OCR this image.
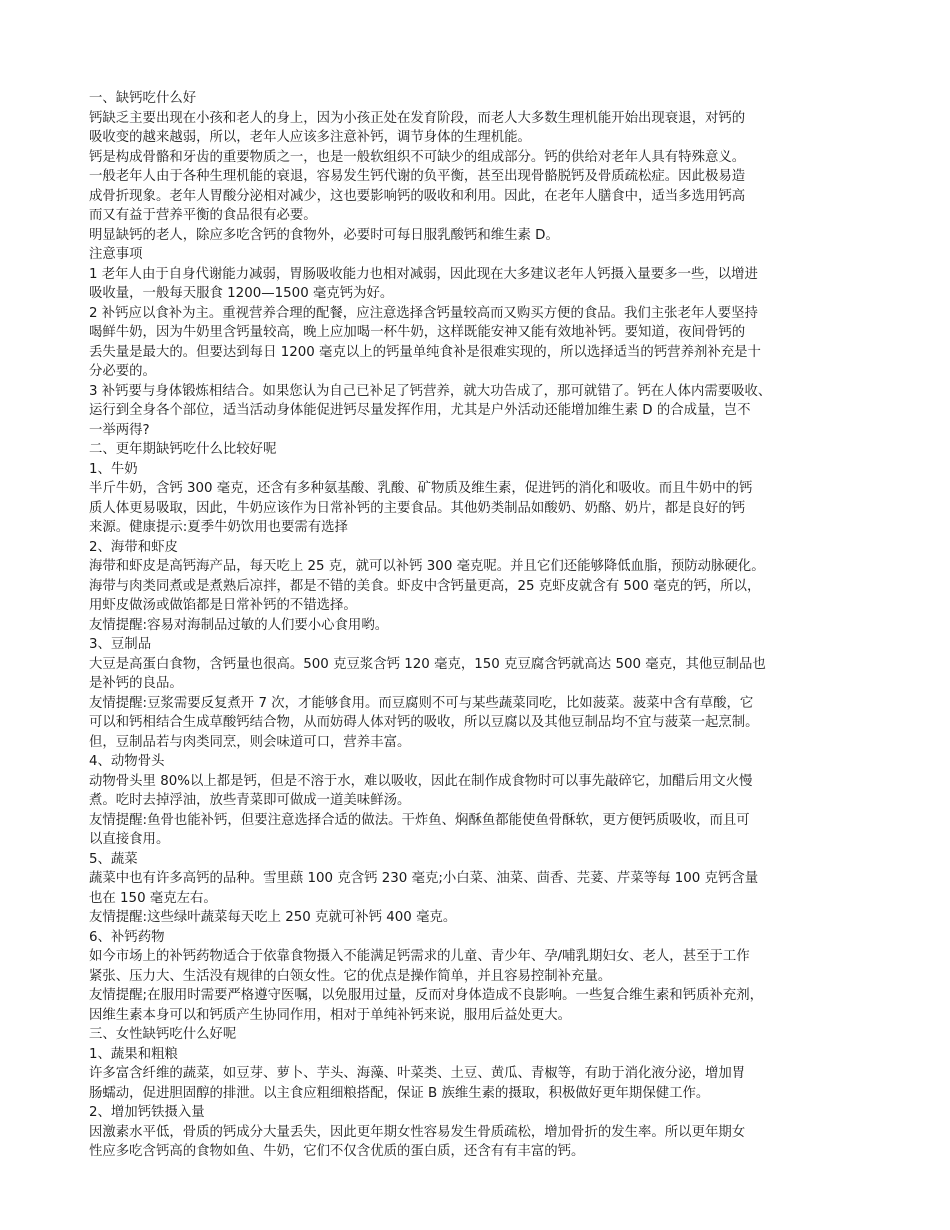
一、缺钙吃什么好
钙缺乏主要出现在小孩和老人的身上，因为小孩正处在发育阶段，而老人大多数生理机能开始出现衰退，对钙的
吸收变的越来越弱，所以，老年人应该多注意补钙，调节身体的生理机能。
钙是构成骨骼和牙齿的重要物质之一，也是一般软组织不可缺少的组成部分。钙的供给对老年人具有特殊意义。
一般老年人由于各种生理机能的衰退，容易发生钙代谢的负平衡，甚至出现骨骼脱钙及骨质疏松症。因此极易造
成骨折现象。老年人胃酸分泌相对减少，这也要影响钙的吸收和利用。因此，在老年人膳食中，适当多选用钙高
而又有益于营养平衡的食品很有必要。
明显缺钙的老人，除应多吃含钙的食物外，必要时可每日服乳酸钙和维生素 D。
注意事项
1 老年人由于自身代谢能力减弱，胃肠吸收能力也相对减弱，因此现在大多建议老年人钙摄入量要多一些，以增进
吸收量，一般每天服食 1200—1500 毫克钙为好。
2 补钙应以食补为主。重视营养合理的配餐，应注意选择含钙量较高而又购买方便的食品。我们主张老年人要坚持
喝鲜牛奶，因为牛奶里含钙量较高，晚上应加喝一杯牛奶，这样既能安神又能有效地补钙。要知道，夜间骨钙的
丢失量是最大的。但要达到每日 1200 毫克以上的钙量单纯食补是很难实现的，所以选择适当的钙营养剂补充是十
分必要的。
3 补钙要与身体锻炼相结合。如果您认为自己已补足了钙营养，就大功告成了，那可就错了。钙在人体内需要吸收、
运行到全身各个部位，适当活动身体能促进钙尽量发挥作用，尤其是户外活动还能增加维生素 D 的合成量，岂不
一举两得?
二、更年期缺钙吃什么比较好呢
1、牛奶
半斤牛奶，含钙 300 毫克，还含有多种氨基酸、乳酸、矿物质及维生素，促进钙的消化和吸收。而且牛奶中的钙
质人体更易吸取，因此，牛奶应该作为日常补钙的主要食品。其他奶类制品如酸奶、奶酪、奶片，都是良好的钙
来源。健康提示:夏季牛奶饮用也要需有选择
2、海带和虾皮
海带和虾皮是高钙海产品，每天吃上 25 克，就可以补钙 300 毫克呢。并且它们还能够降低血脂，预防动脉硬化。
海带与肉类同煮或是煮熟后凉拌，都是不错的美食。虾皮中含钙量更高，25 克虾皮就含有 500 毫克的钙，所以，
用虾皮做汤或做馅都是日常补钙的不错选择。
友情提醒:容易对海制品过敏的人们要小心食用哟。
3、豆制品
大豆是高蛋白食物，含钙量也很高。500 克豆浆含钙 120 毫克，150 克豆腐含钙就高达 500 毫克，其他豆制品也
是补钙的良品。
友情提醒:豆浆需要反复煮开 7 次，才能够食用。而豆腐则不可与某些蔬菜同吃，比如菠菜。菠菜中含有草酸，它
可以和钙相结合生成草酸钙结合物，从而妨碍人体对钙的吸收，所以豆腐以及其他豆制品均不宜与菠菜一起烹制。
但，豆制品若与肉类同烹，则会味道可口，营养丰富。
4、动物骨头
动物骨头里 80%以上都是钙，但是不溶于水，难以吸收，因此在制作成食物时可以事先敲碎它，加醋后用文火慢
煮。吃时去掉浮油，放些青菜即可做成一道美味鲜汤。
友情提醒:鱼骨也能补钙，但要注意选择合适的做法。干炸鱼、焖酥鱼都能使鱼骨酥软，更方便钙质吸收，而且可
以直接食用。
5、蔬菜
蔬菜中也有许多高钙的品种。雪里蕻 100 克含钙 230 毫克;小白菜、油菜、茴香、芫荽、芹菜等每 100 克钙含量
也在 150 毫克左右。
友情提醒:这些绿叶蔬菜每天吃上 250 克就可补钙 400 毫克。
6、补钙药物
如今市场上的补钙药物适合于依靠食物摄入不能满足钙需求的儿童、青少年、孕/哺乳期妇女、老人，甚至于工作
紧张、压力大、生活没有规律的白领女性。它的优点是操作简单，并且容易控制补充量。
友情提醒;在服用时需要严格遵守医嘱，以免服用过量，反而对身体造成不良影响。一些复合维生素和钙质补充剂，
因维生素本身可以和钙质产生协同作用，相对于单纯补钙来说，服用后益处更大。
三、女性缺钙吃什么好呢
1、蔬果和粗粮
许多富含纤维的蔬菜，如豆芽、萝卜、芋头、海藻、叶菜类、土豆、黄瓜、青椒等，有助于消化液分泌，增加胃
肠蠕动，促进胆固醇的排泄。以主食应粗细粮搭配，保证 B 族维生素的摄取，积极做好更年期保健工作。
2、增加钙铁摄入量
因激素水平低，骨质的钙成分大量丢失，因此更年期女性容易发生骨质疏松，增加骨折的发生率。所以更年期女
性应多吃含钙高的食物如鱼、牛奶，它们不仅含优质的蛋白质，还含有有丰富的钙。
